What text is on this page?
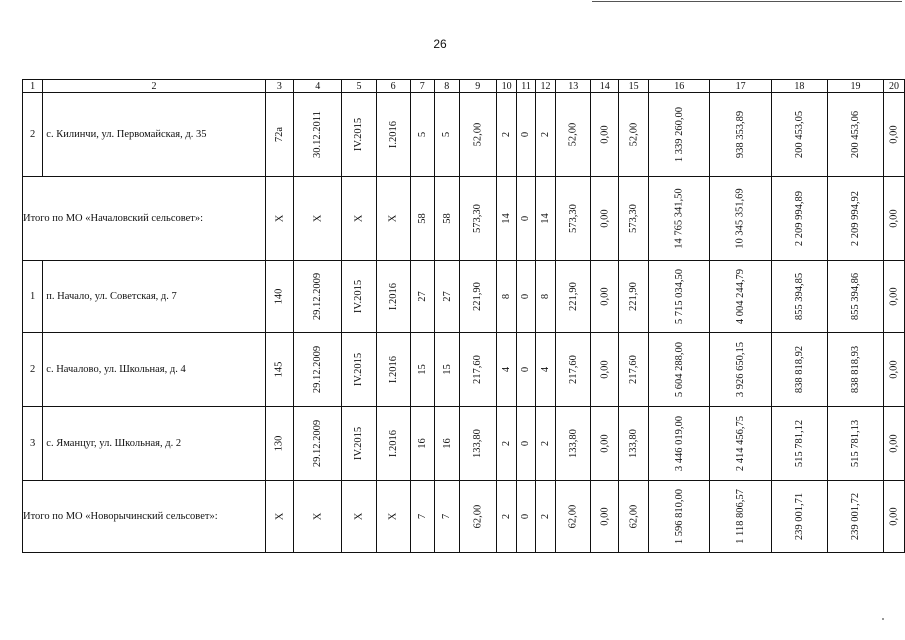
26
1	2	3	4	5	6	7	8	9	10	11	12	13	14	15	16	17	18	19	20
2	с. Килинчи, ул. Первомайская, д. 35	72а	30.12.2011	IV.2015	I.2016	5	5	52,00	2	0	2	52,00	0,00	52,00	1 339 260,00	938 353,89	200 453,05	200 453,06	0,00
Итого по МО «Началовский сельсовет»:		X	X	X	X	58	58	573,30	14	0	14	573,30	0,00	573,30	14 765 341,50	10 345 351,69	2 209 994,89	2 209 994,92	0,00
1	п. Начало, ул. Советская, д. 7	140	29.12.2009	IV.2015	I.2016	27	27	221,90	8	0	8	221,90	0,00	221,90	5 715 034,50	4 004 244,79	855 394,85	855 394,86	0,00
2	с. Началово, ул. Школьная, д. 4	145	29.12.2009	IV.2015	I.2016	15	15	217,60	4	0	4	217,60	0,00	217,60	5 604 288,00	3 926 650,15	838 818,92	838 818,93	0,00
3	с. Яманцуг, ул. Школьная, д. 2	130	29.12.2009	IV.2015	I.2016	16	16	133,80	2	0	2	133,80	0,00	133,80	3 446 019,00	2 414 456,75	515 781,12	515 781,13	0,00
Итого по МО «Новорычинский сельсовет»:		X	X	X	X	7	7	62,00	2	0	2	62,00	0,00	62,00	1 596 810,00	1 118 806,57	239 001,71	239 001,72	0,00
